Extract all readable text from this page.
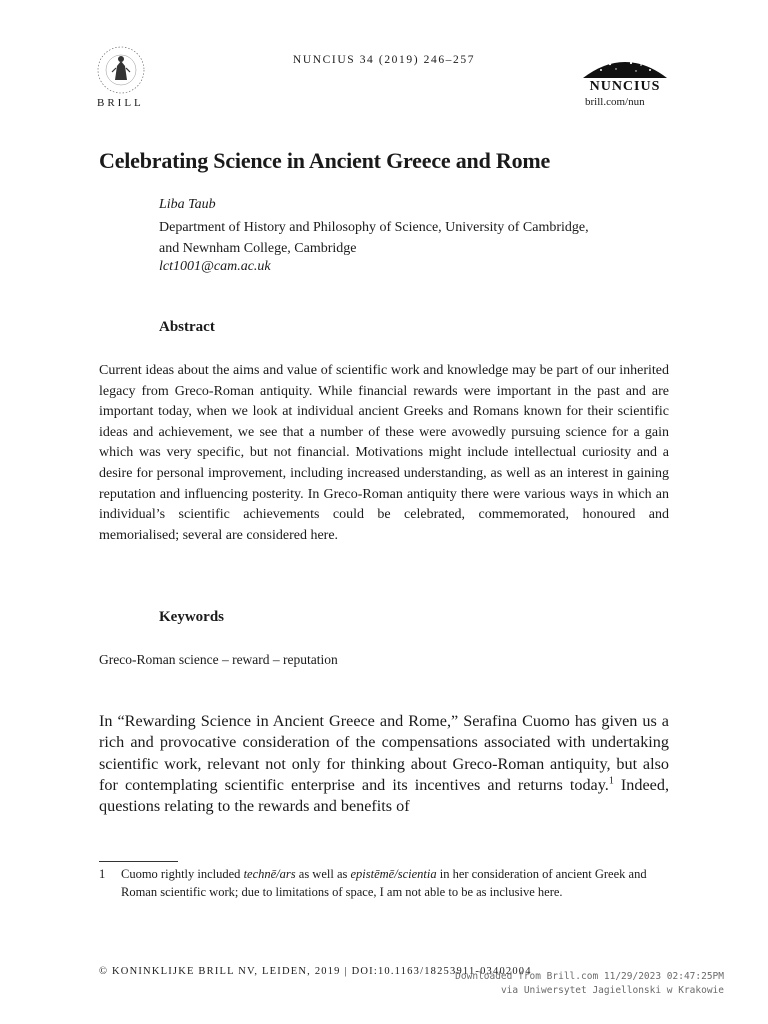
NUNCIUS 34 (2019) 246–257
BRILL
NUNCIUS
brill.com/nun
Celebrating Science in Ancient Greece and Rome
Liba Taub
Department of History and Philosophy of Science, University of Cambridge,
and Newnham College, Cambridge
lct1001@cam.ac.uk
Abstract
Current ideas about the aims and value of scientific work and knowledge may be part of our inherited legacy from Greco-Roman antiquity. While financial rewards were important in the past and are important today, when we look at individual ancient Greeks and Romans known for their scientific ideas and achievement, we see that a number of these were avowedly pursuing science for a gain which was very specific, but not financial. Motivations might include intellectual curiosity and a desire for personal improvement, including increased understanding, as well as an interest in gaining reputation and influencing posterity. In Greco-Roman antiquity there were various ways in which an individual’s scientific achievements could be celebrated, commemorated, honoured and memorialised; several are considered here.
Keywords
Greco-Roman science – reward – reputation
In “Rewarding Science in Ancient Greece and Rome,” Serafina Cuomo has given us a rich and provocative consideration of the compensations associated with undertaking scientific work, relevant not only for thinking about Greco-Roman antiquity, but also for contemplating scientific enterprise and its incentives and returns today.$^1$ Indeed, questions relating to the rewards and benefits of
1 Cuomo rightly included technē/ars as well as epistēmē/scientia in her consideration of ancient Greek and Roman scientific work; due to limitations of space, I am not able to be as inclusive here.
© KONINKLIJKE BRILL NV, LEIDEN, 2019 | DOI:10.1163/18253911-03402004
Downloaded from Brill.com 11/29/2023 02:47:25PM
via Uniwersytet Jagiellonski w Krakowie
